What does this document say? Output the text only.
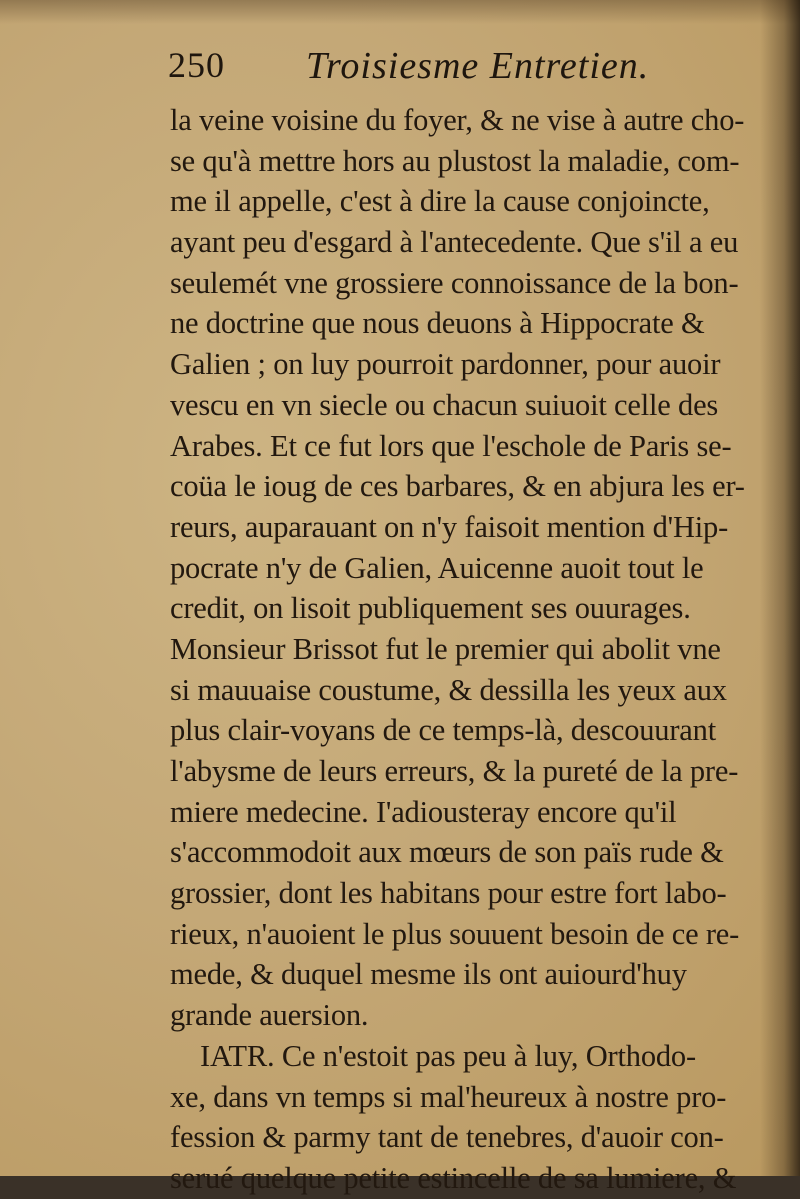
250 Troisiesme Entretien.
la veine voisine du foyer, & ne vise à autre cho-
se qu'à mettre hors au plustost la maladie, com-
me il appelle, c'est à dire la cause conjoincte,
ayant peu d'esgard à l'antecedente. Que s'il a eu
seulemét vne grossiere connoissance de la bon-
ne doctrine que nous deuons à Hippocrate &
Galien ; on luy pourroit pardonner, pour auoir
vescu en vn siecle ou chacun suiuoit celle des
Arabes. Et ce fut lors que l'eschole de Paris se-
coüa le ioug de ces barbares, & en abjura les er-
reurs, auparauant on n'y faisoit mention d'Hip-
pocrate n'y de Galien, Auicenne auoit tout le
credit, on lisoit publiquement ses ouurages.
Monsieur Brissot fut le premier qui abolit vne
si mauuaise coustume, & dessilla les yeux aux
plus clair-voyans de ce temps-là, descouurant
l'abysme de leurs erreurs, & la pureté de la pre-
miere medecine. I'adiousteray encore qu'il
s'accommodoit aux mœurs de son païs rude &
grossier, dont les habitans pour estre fort labo-
rieux, n'auoient le plus souuent besoin de ce re-
mede, & duquel mesme ils ont auiourd'huy
grande auersion.
IATR. Ce n'estoit pas peu à luy, Orthodo-
xe, dans vn temps si mal'heureux à nostre pro-
fession & parmy tant de tenebres, d'auoir con-
serué quelque petite estincelle de sa lumiere, &
